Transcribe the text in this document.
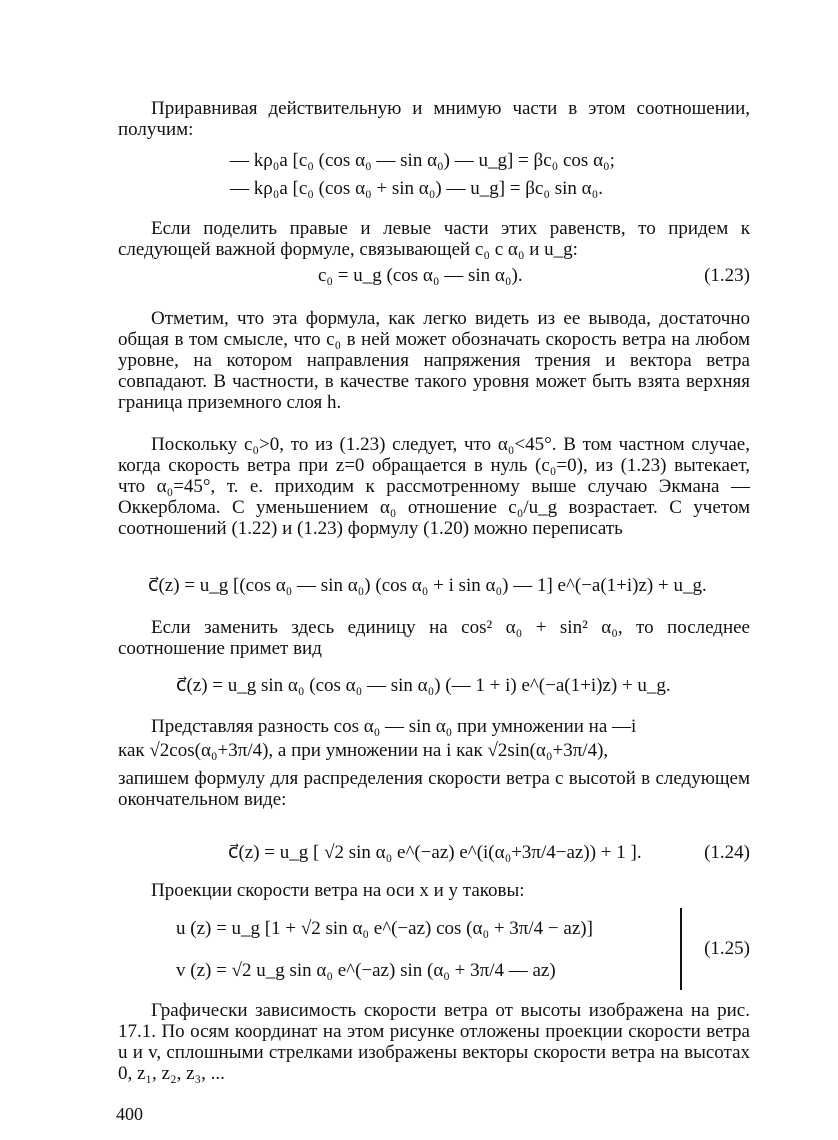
Приравнивая действительную и мнимую части в этом соотношении, получим:
— kρ₀a [c₀ (cos α₀ — sin α₀) — u_g] = βc₀ cos α₀;
— kρ₀a [c₀ (cos α₀ + sin α₀) — u_g] = βc₀ sin α₀.
Если поделить правые и левые части этих равенств, то придем к следующей важной формуле, связывающей c₀ с α₀ и u_g:
c₀ = u_g (cos α₀ — sin α₀).	(1.23)
Отметим, что эта формула, как легко видеть из ее вывода, достаточно общая в том смысле, что c₀ в ней может обозначать скорость ветра на любом уровне, на котором направления напряжения трения и вектора ветра совпадают. В частности, в качестве такого уровня может быть взята верхняя граница приземного слоя h.
Поскольку c₀>0, то из (1.23) следует, что α₀<45°. В том частном случае, когда скорость ветра при z=0 обращается в нуль (c₀=0), из (1.23) вытекает, что α₀=45°, т. е. приходим к рассмотренному выше случаю Экмана — Оккерблома. С уменьшением α₀ отношение c₀/u_g возрастает. С учетом соотношений (1.22) и (1.23) формулу (1.20) можно переписать
c⃗(z) = u_g [(cos α₀ — sin α₀) (cos α₀ + i sin α₀) — 1] e^(−a(1+i)z) + u_g.
Если заменить здесь единицу на cos² α₀ + sin² α₀, то последнее соотношение примет вид
c⃗(z) = u_g sin α₀ (cos α₀ — sin α₀) (— 1 + i) e^(−a(1+i)z) + u_g.
Представляя разность cos α₀ — sin α₀ при умножении на —i
как √2cos(α₀+3π/4), а при умножении на i как √2sin(α₀+3π/4),
запишем формулу для распределения скорости ветра с высотой в следующем окончательном виде:
c⃗(z) = u_g [ √2 sin α₀ e^(−az) e^(i(α₀+3π/4−az)) + 1 ].	(1.24)
Проекции скорости ветра на оси x и y таковы:
u (z) = u_g [1 + √2 sin α₀ e^(−az) cos (α₀ + 3π/4 − az)]
v (z) = √2 u_g sin α₀ e^(−az) sin (α₀ + 3π/4 — az)
(1.25)
Графически зависимость скорости ветра от высоты изображена на рис. 17.1. По осям координат на этом рисунке отложены проекции скорости ветра u и v, сплошными стрелками изображены векторы скорости ветра на высотах 0, z₁, z₂, z₃, ...
400
